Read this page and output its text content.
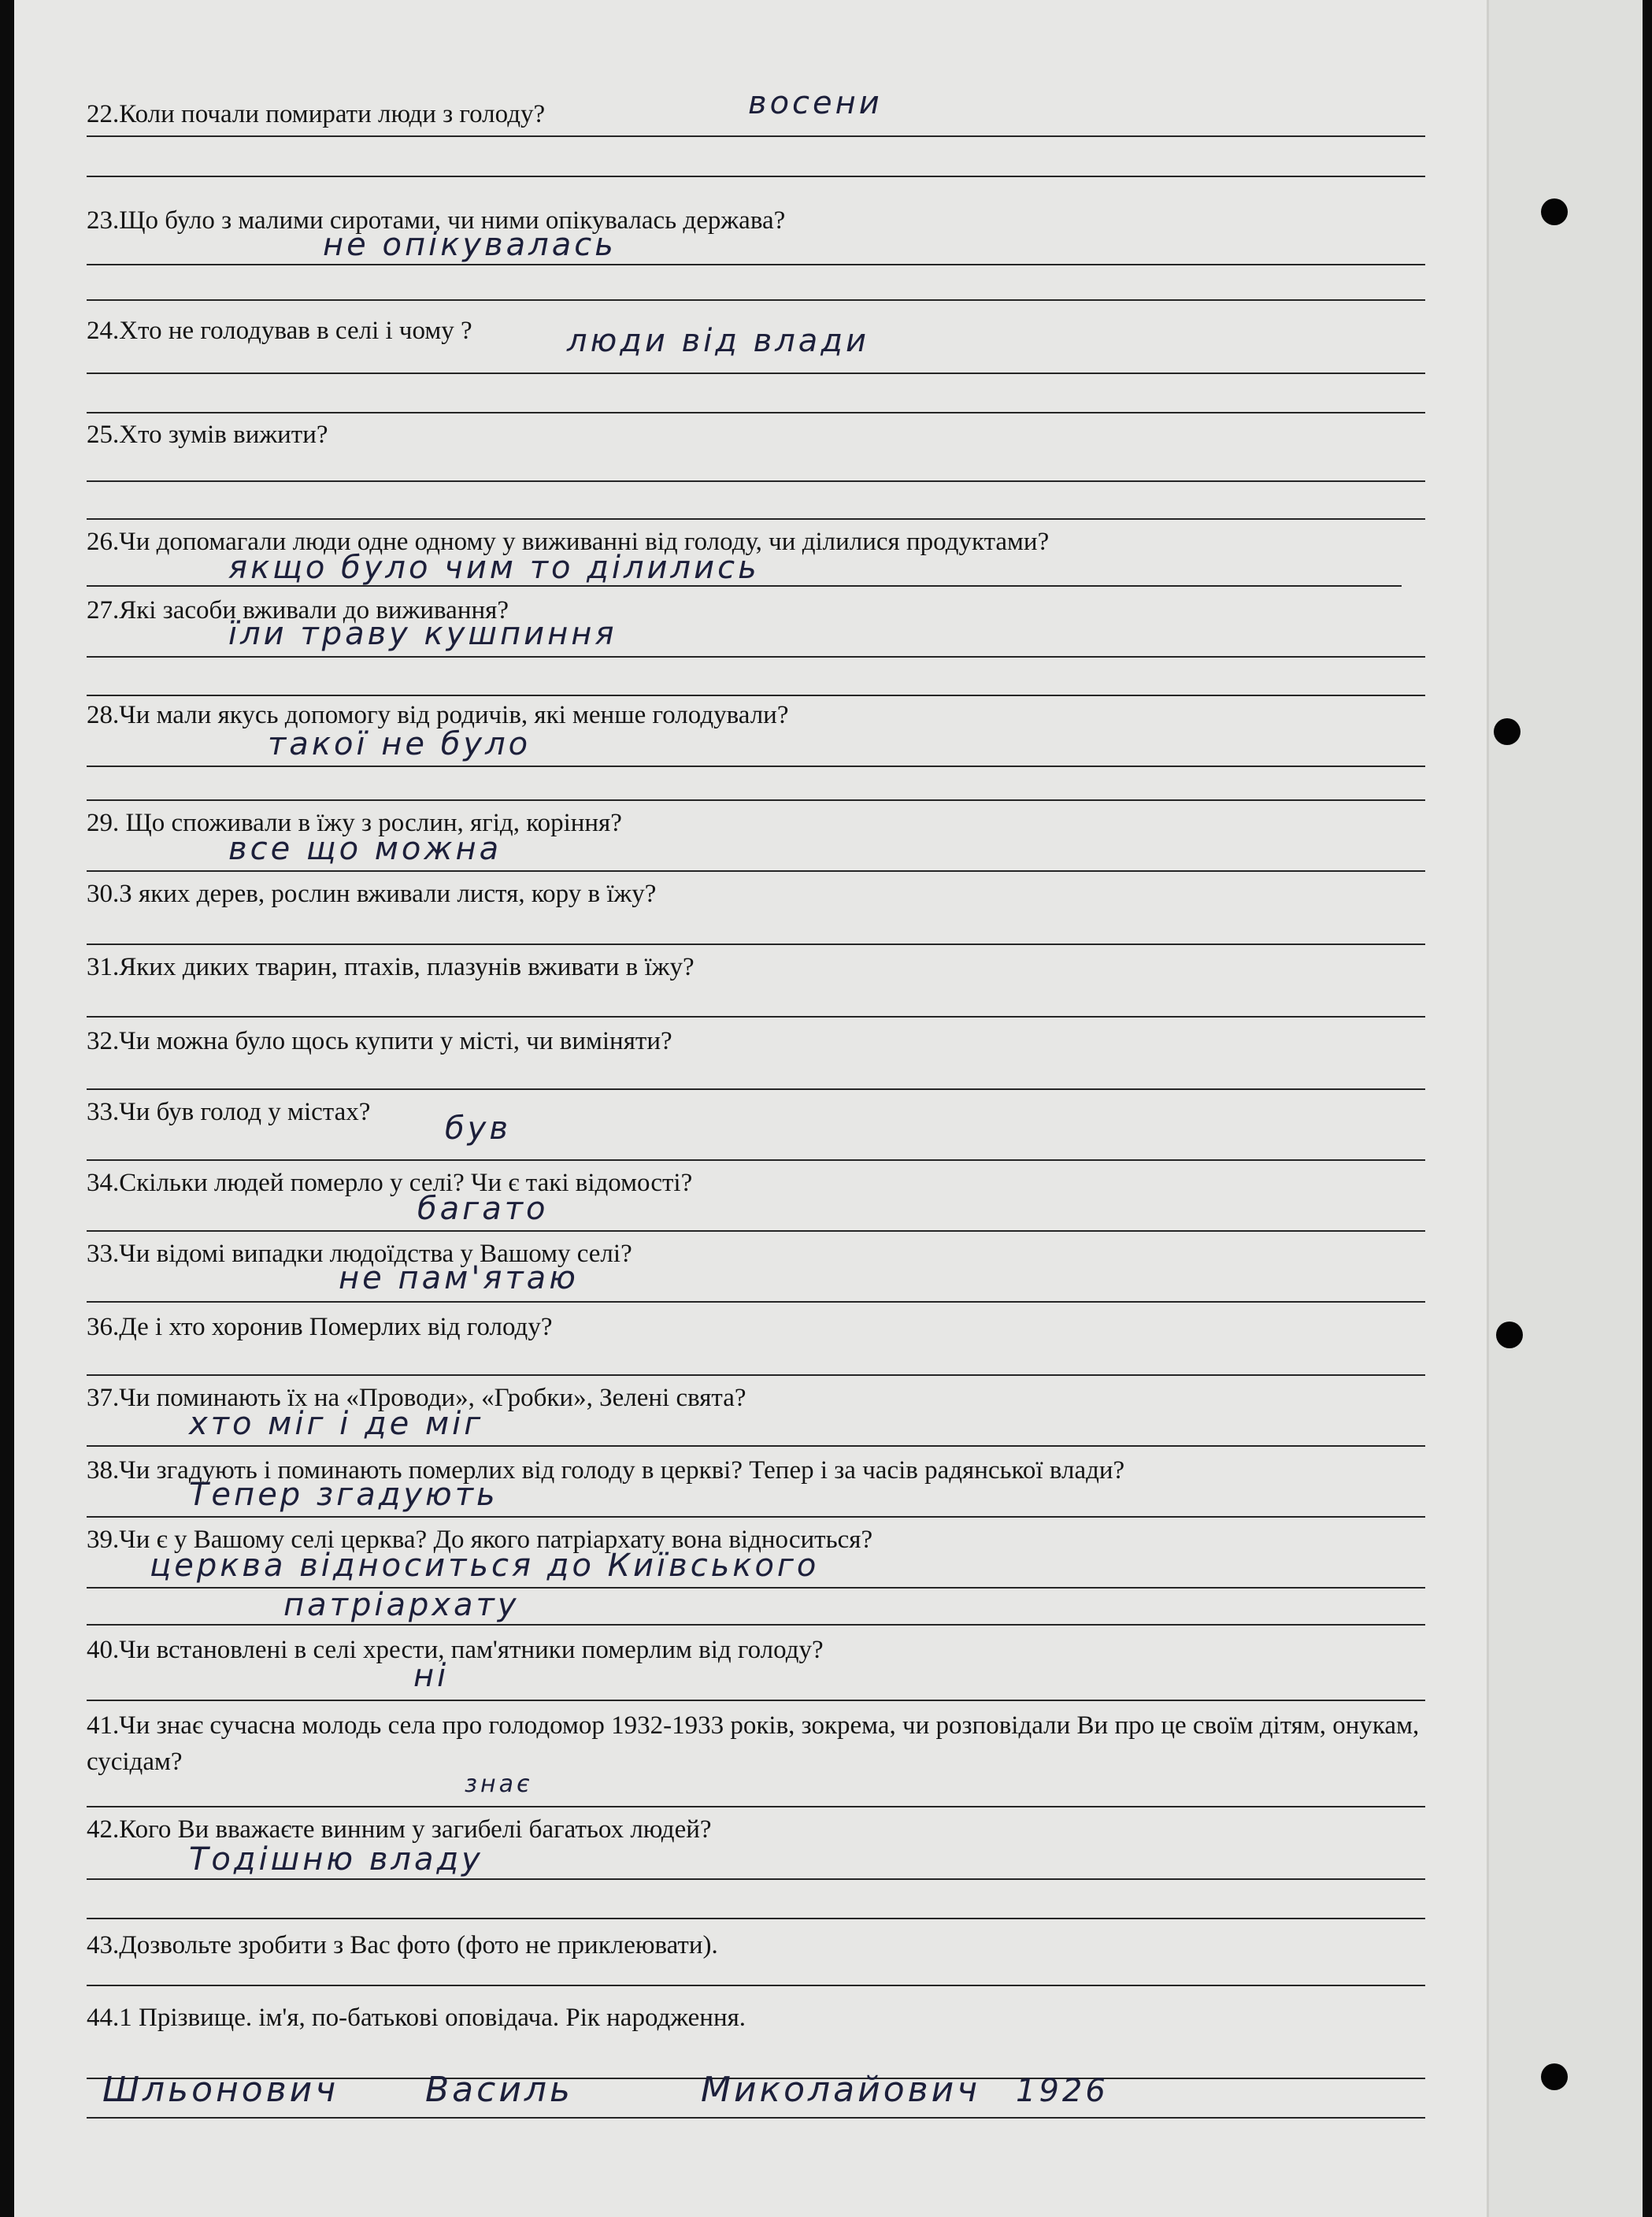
22.Коли почали помирати люди з голоду?	восени
23.Що було з малими сиротами, чи ними опікувалась держава?
не опікувалась
24.Хто не голодував в селі і чому ?	люди від влади
25.Хто зумів вижити?
26.Чи допомагали люди одне одному у виживанні від голоду, чи ділилися продуктами?
якщо було чим то ділились
27.Які засоби вживали до виживання?
їли траву кушпиння
28.Чи мали якусь допомогу від родичів, які менше голодували?
такої не було
29. Що споживали в їжу з рослин, ягід, коріння?
все що можна
30.З яких дерев, рослин вживали листя, кору в їжу?
31.Яких диких тварин, птахів, плазунів вживати в їжу?
32.Чи можна було щось купити у місті, чи виміняти?
33.Чи був голод у містах?	був
34.Скільки людей померло у селі? Чи є такі відомості?
багато
33.Чи відомі випадки людоїдства у Вашому селі?
не пам'ятаю
36.Де і хто хоронив Померлих від голоду?
37.Чи поминають їх на «Проводи», «Гробки», Зелені свята?
хто міг і де міг
38.Чи згадують і поминають померлих від голоду в церкві? Тепер і за часів радянської влади?
Тепер згадують
39.Чи є у Вашому селі церква? До якого патріархату вона відноситься?
церква відноситься до Київського
патріархату
40.Чи встановлені в селі хрести, пам'ятники померлим від голоду?
ні
41.Чи знає сучасна молодь села про голодомор 1932-1933 років, зокрема, чи розповідали Ви про це своїм дітям, онукам, сусідам?
знає
42.Кого Ви вважаєте винним у загибелі багатьох людей?
Тодішню владу
43.Дозвольте зробити з Вас фото (фото не приклеювати).
44.1 Прізвище. ім'я, по-батькові оповідача. Рік народження.
Шльонович Василь	Миколайович 1926
